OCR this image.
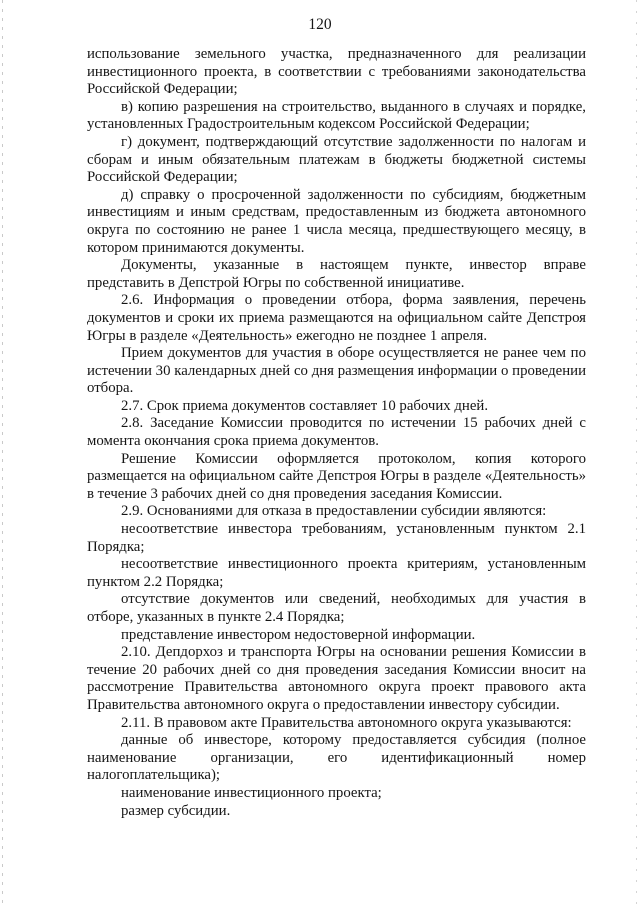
120

использование земельного участка, предназначенного для реализации инвестиционного проекта, в соответствии с требованиями законодательства Российской Федерации;

в) копию разрешения на строительство, выданного в случаях и порядке, установленных Градостроительным кодексом Российской Федерации;

г) документ, подтверждающий отсутствие задолженности по налогам и сборам и иным обязательным платежам в бюджеты бюджетной системы Российской Федерации;

д) справку о просроченной задолженности по субсидиям, бюджетным инвестициям и иным средствам, предоставленным из бюджета автономного округа по состоянию не ранее 1 числа месяца, предшествующего месяцу, в котором принимаются документы.

Документы, указанные в настоящем пункте, инвестор вправе представить в Депстрой Югры по собственной инициативе.

2.6. Информация о проведении отбора, форма заявления, перечень документов и сроки их приема размещаются на официальном сайте Депстроя Югры в разделе «Деятельность» ежегодно не позднее 1 апреля.

Прием документов для участия в оборе осуществляется не ранее чем по истечении 30 календарных дней со дня размещения информации о проведении отбора.

2.7. Срок приема документов составляет 10 рабочих дней.

2.8. Заседание Комиссии проводится по истечении 15 рабочих дней с момента окончания срока приема документов.

Решение Комиссии оформляется протоколом, копия которого размещается на официальном сайте Депстроя Югры в разделе «Деятельность» в течение 3 рабочих дней со дня проведения заседания Комиссии.

2.9. Основаниями для отказа в предоставлении субсидии являются:

несоответствие инвестора требованиям, установленным пунктом 2.1 Порядка;

несоответствие инвестиционного проекта критериям, установленным пунктом 2.2 Порядка;

отсутствие документов или сведений, необходимых для участия в отборе, указанных в пункте 2.4 Порядка;

представление инвестором недостоверной информации.

2.10. Депдорхоз и транспорта Югры на основании решения Комиссии в течение 20 рабочих дней со дня проведения заседания Комиссии вносит на рассмотрение Правительства автономного округа проект правового акта Правительства автономного округа о предоставлении инвестору субсидии.

2.11. В правовом акте Правительства автономного округа указываются:

данные об инвесторе, которому предоставляется субсидия (полное наименование организации, его идентификационный номер налогоплательщика);

наименование инвестиционного проекта;

размер субсидии.
